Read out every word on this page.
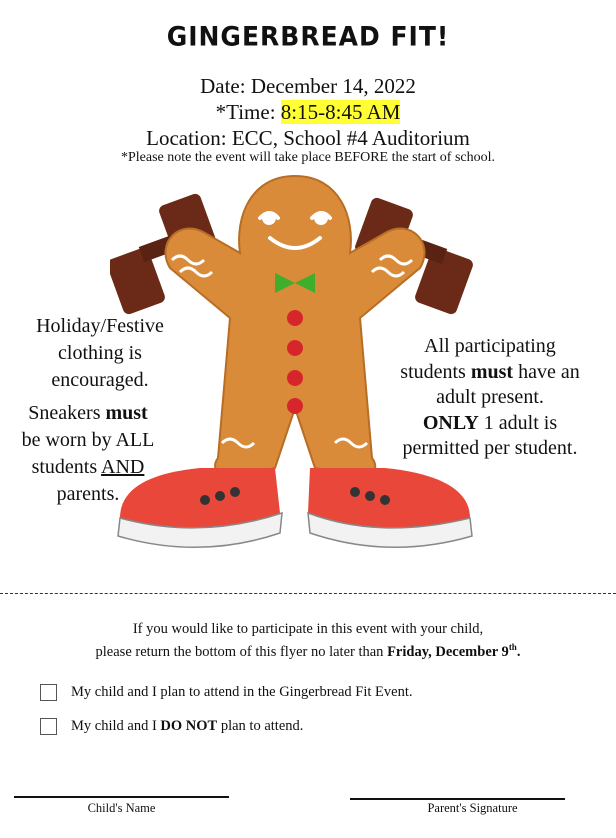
GINGERBREAD FIT!
Date: December 14, 2022
*Time: 8:15-8:45 AM
Location: ECC, School #4 Auditorium
*Please note the event will take place BEFORE the start of school.
Holiday/Festive
clothing is
encouraged.
Sneakers must
be worn by ALL
students AND
parents.
All participating
students must have an
adult present.
ONLY 1 adult is
permitted per student.
If you would like to participate in this event with your child,
please return the bottom of this flyer no later than Friday, December 9th.
My child and I plan to attend in the Gingerbread Fit Event.
My child and I DO NOT plan to attend.
Child's Name	Parent's Signature
